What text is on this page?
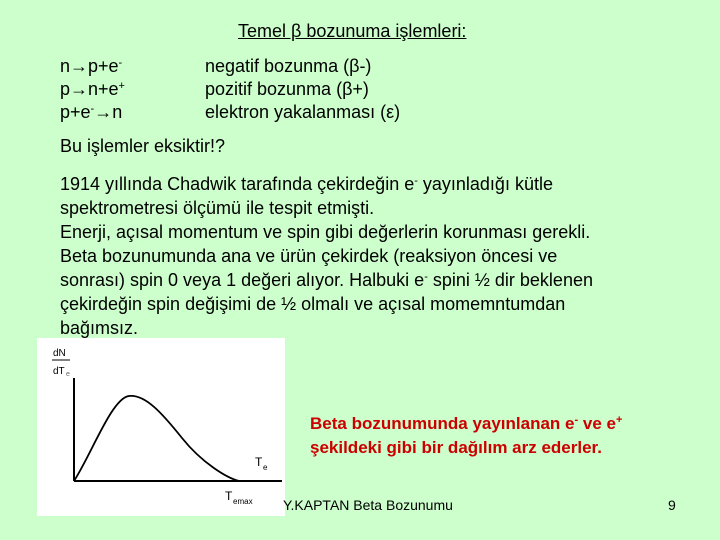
Temel β bozunuma işlemleri:
n→p+e-	negatif bozunma (β-)
p→n+e+	pozitif bozunma (β+)
p+e-→n	elektron yakalanması (ε)
Bu işlemler eksiktir!?
1914 yıllında Chadwik tarafında çekirdeğin e- yayınladığı kütle
spektrometresi ölçümü ile tespit etmişti.
Enerji, açısal momentum ve spin gibi değerlerin korunması gerekli.
Beta bozunumunda ana ve ürün çekirdek (reaksiyon öncesi ve
sonrası) spin 0 veya 1 değeri alıyor. Halbuki e- spini ½ dir beklenen
çekirdeğin spin değişimi de ½ olmalı ve açısal momemntumdan
bağımsız.
dN
dT e
T e
T emax
Beta bozunumunda yayınlanan e- ve e+
şekildeki gibi bir dağılım arz ederler.
Y.KAPTAN Beta Bozunumu	9
